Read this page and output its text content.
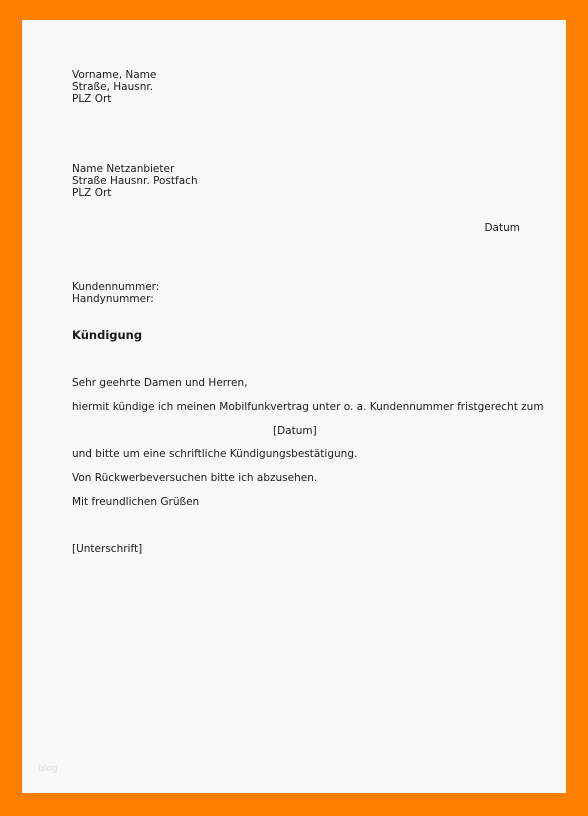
Vorname, Name
Straße, Hausnr.
PLZ Ort
Name Netzanbieter
Straße Hausnr. Postfach
PLZ Ort
Datum
Kundennummer:
Handynummer:
Kündigung
Sehr geehrte Damen und Herren,
hiermit kündige ich meinen Mobilfunkvertrag unter o. a. Kundennummer fristgerecht zum
[Datum]
und bitte um eine schriftliche Kündigungsbestätigung.
Von Rückwerbeversuchen bitte ich abzusehen.
Mit freundlichen Grüßen
[Unterschrift]
blog
